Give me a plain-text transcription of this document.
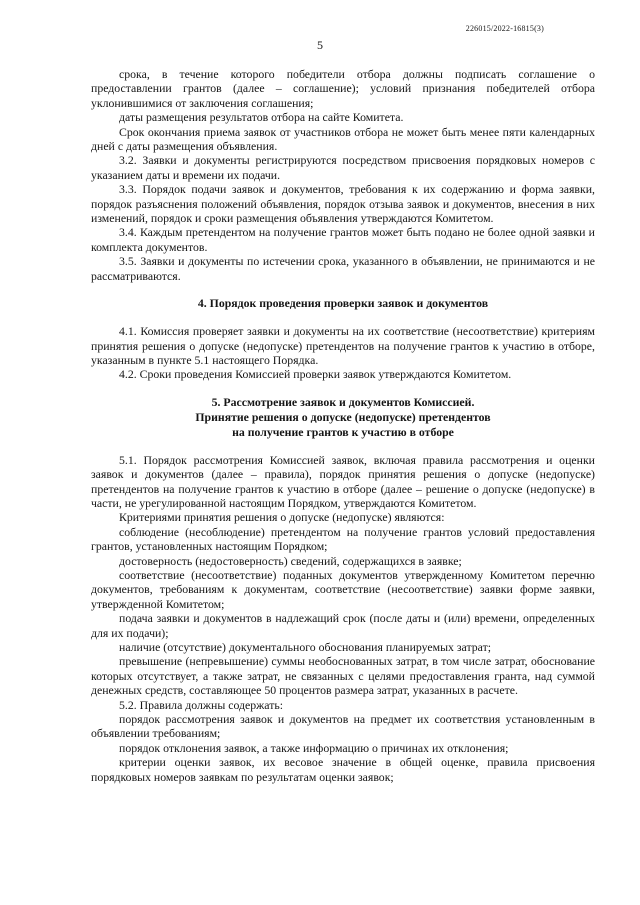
226015/2022-16815(3)
5

срока, в течение которого победители отбора должны подписать соглашение о предоставлении грантов (далее – соглашение); условий признания победителей отбора уклонившимися от заключения соглашения;

даты размещения результатов отбора на сайте Комитета.

Срок окончания приема заявок от участников отбора не может быть менее пяти календарных дней с даты размещения объявления.

3.2. Заявки и документы регистрируются посредством присвоения порядковых номеров с указанием даты и времени их подачи.

3.3. Порядок подачи заявок и документов, требования к их содержанию и форма заявки, порядок разъяснения положений объявления, порядок отзыва заявок и документов, внесения в них изменений, порядок и сроки размещения объявления утверждаются Комитетом.

3.4. Каждым претендентом на получение грантов может быть подано не более одной заявки и комплекта документов.

3.5. Заявки и документы по истечении срока, указанного в объявлении, не принимаются и не рассматриваются.

4. Порядок проведения проверки заявок и документов

4.1. Комиссия проверяет заявки и документы на их соответствие (несоответствие) критериям принятия решения о допуске (недопуске) претендентов на получение грантов к участию в отборе, указанным в пункте 5.1 настоящего Порядка.

4.2. Сроки проведения Комиссией проверки заявок утверждаются Комитетом.

5. Рассмотрение заявок и документов Комиссией.

Принятие решения о допуске (недопуске) претендентов

на получение грантов к участию в отборе

5.1. Порядок рассмотрения Комиссией заявок, включая правила рассмотрения и оценки заявок и документов (далее – правила), порядок принятия решения о допуске (недопуске) претендентов на получение грантов к участию в отборе (далее – решение о допуске (недопуске) в части, не урегулированной настоящим Порядком, утверждаются Комитетом.

Критериями принятия решения о допуске (недопуске) являются:

соблюдение (несоблюдение) претендентом на получение грантов условий предоставления грантов, установленных настоящим Порядком;

достоверность (недостоверность) сведений, содержащихся в заявке;

соответствие (несоответствие) поданных документов утвержденному Комитетом перечню документов, требованиям к документам, соответствие (несоответствие) заявки форме заявки, утвержденной Комитетом;

подача заявки и документов в надлежащий срок (после даты и (или) времени, определенных для их подачи);

наличие (отсутствие) документального обоснования планируемых затрат;

превышение (непревышение) суммы необоснованных затрат, в том числе затрат, обоснование которых отсутствует, а также затрат, не связанных с целями предоставления гранта, над суммой денежных средств, составляющее 50 процентов размера затрат, указанных в расчете.

5.2. Правила должны содержать:

порядок рассмотрения заявок и документов на предмет их соответствия установленным в объявлении требованиям;

порядок отклонения заявок, а также информацию о причинах их отклонения;

критерии оценки заявок, их весовое значение в общей оценке, правила присвоения порядковых номеров заявкам по результатам оценки заявок;
